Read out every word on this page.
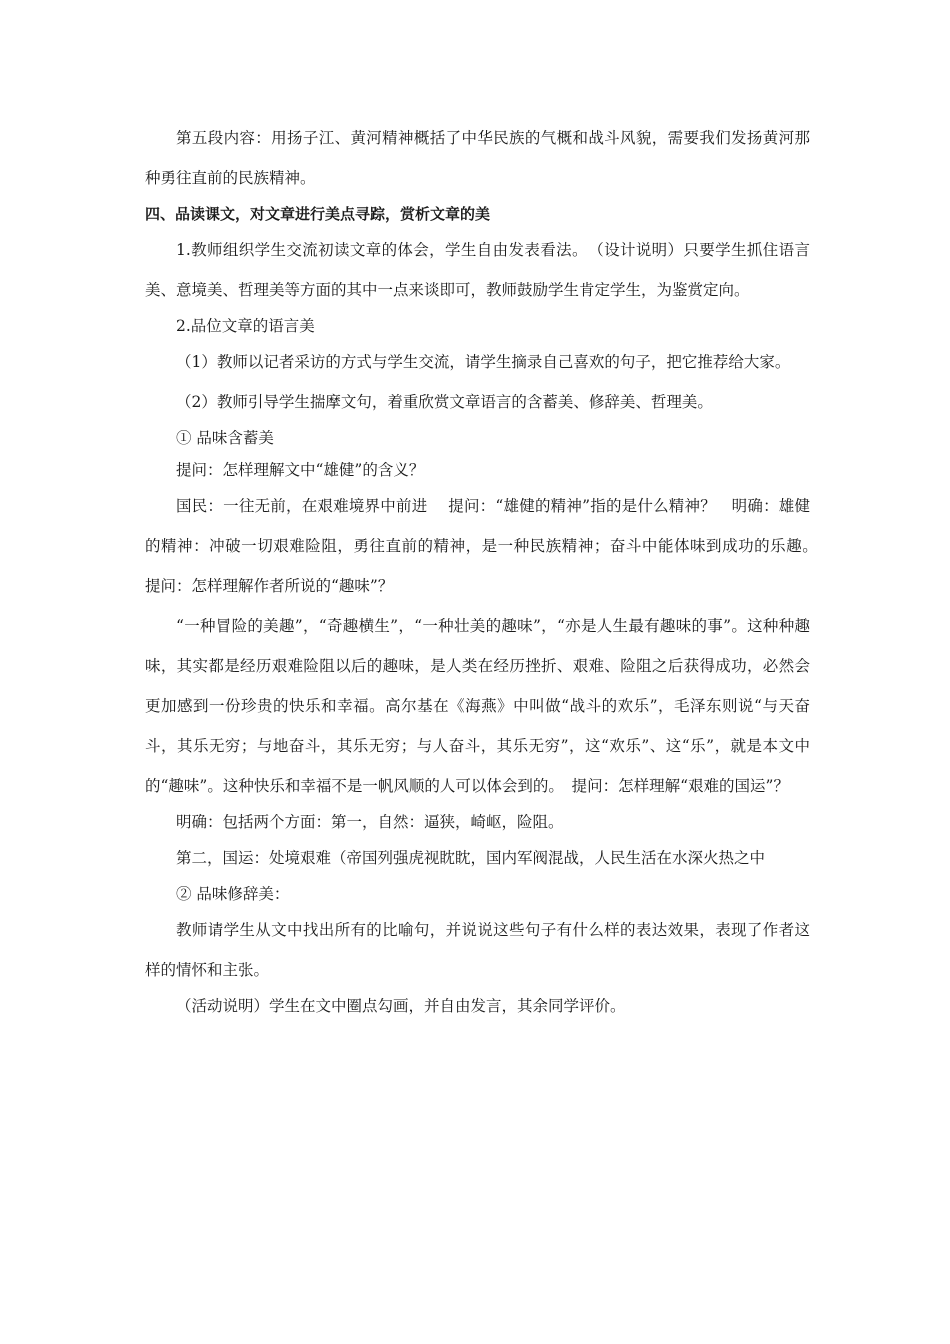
第五段内容：用扬子江、黄河精神概括了中华民族的气概和战斗风貌，需要我们发扬黄河那种勇往直前的民族精神。

四、品读课文，对文章进行美点寻踪，赏析文章的美

1.教师组织学生交流初读文章的体会，学生自由发表看法。　（设计说明）只要学生抓住语言美、意境美、哲理美等方面的其中一点来谈即可，教师鼓励学生肯定学生，为鉴赏定向。

2.品位文章的语言美

（1）教师以记者采访的方式与学生交流，请学生摘录自己喜欢的句子，把它推荐给大家。

（2）教师引导学生揣摩文句，着重欣赏文章语言的含蓄美、修辞美、哲理美。

① 品味含蓄美

提问：怎样理解文中“雄健”的含义？

国民：一往无前，在艰难境界中前进　 提问：“雄健的精神”指的是什么精神？　明确：雄健的精神：冲破一切艰难险阻，勇往直前的精神，是一种民族精神；奋斗中能体味到成功的乐趣。　提问：怎样理解作者所说的“趣味”？

“一种冒险的美趣”，“奇趣横生”，“一种壮美的趣味”，“亦是人生最有趣味的事”。这种种趣味，其实都是经历艰难险阻以后的趣味，是人类在经历挫折、艰难、险阻之后获得成功，必然会更加感到一份珍贵的快乐和幸福。高尔基在《海燕》中叫做“战斗的欢乐”，毛泽东则说“与天奋斗，其乐无穷；与地奋斗，其乐无穷；与人奋斗，其乐无穷”，这“欢乐”、这“乐”，就是本文中的“趣味”。这种快乐和幸福不是一帆风顺的人可以体会到的。　提问：怎样理解“艰难的国运”？

明确：包括两个方面：第一，自然：逼狭，崎岖，险阻。

第二，国运：处境艰难（帝国列强虎视眈眈，国内军阀混战，人民生活在水深火热之中

② 品味修辞美：

教师请学生从文中找出所有的比喻句，并说说这些句子有什么样的表达效果，表现了作者这样的情怀和主张。

（活动说明）学生在文中圈点勾画，并自由发言，其余同学评价。
